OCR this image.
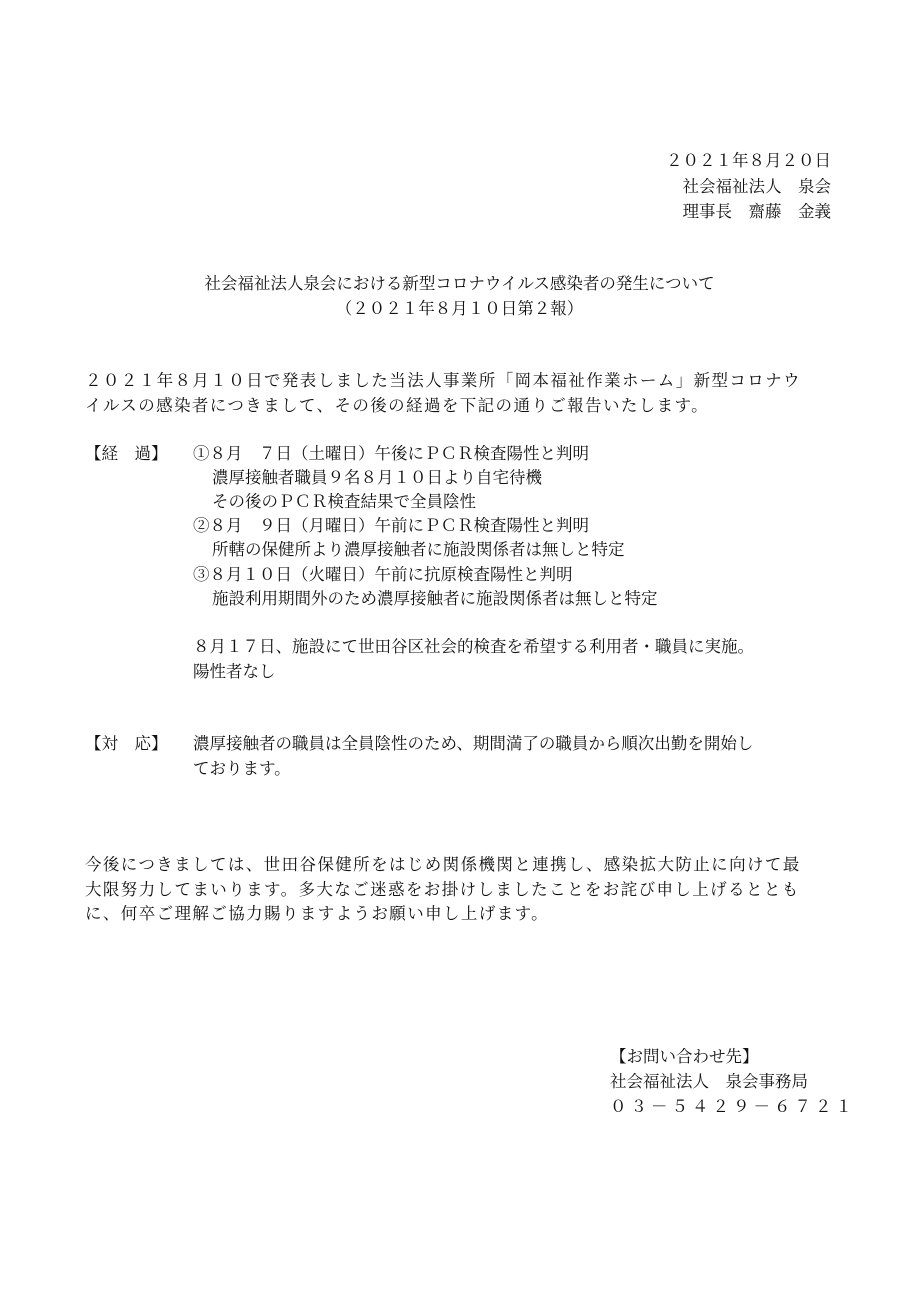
２０２１年８月２０日
社会福祉法人　泉会
理事長　齋藤　金義
社会福祉法人泉会における新型コロナウイルス感染者の発生について
（２０２１年８月１０日第２報）
２０２１年８月１０日で発表しました当法人事業所「岡本福祉作業ホーム」新型コロナウ
イルスの感染者につきまして、その後の経過を下記の通りご報告いたします。
【経　過】 ①８月　７日（土曜日）午後にＰＣＲ検査陽性と判明
濃厚接触者職員９名８月１０日より自宅待機
その後のＰＣＲ検査結果で全員陰性
②８月　９日（月曜日）午前にＰＣＲ検査陽性と判明
所轄の保健所より濃厚接触者に施設関係者は無しと特定
③８月１０日（火曜日）午前に抗原検査陽性と判明
施設利用期間外のため濃厚接触者に施設関係者は無しと特定
８月１７日、施設にて世田谷区社会的検査を希望する利用者・職員に実施。
陽性者なし
【対　応】 濃厚接触者の職員は全員陰性のため、期間満了の職員から順次出勤を開始し
ております。
今後につきましては、世田谷保健所をはじめ関係機関と連携し、感染拡大防止に向けて最
大限努力してまいります。多大なご迷惑をお掛けしましたことをお詫び申し上げるととも
に、何卒ご理解ご協力賜りますようお願い申し上げます。
【お問い合わせ先】
社会福祉法人　泉会事務局
０３－５４２９－６７２１
